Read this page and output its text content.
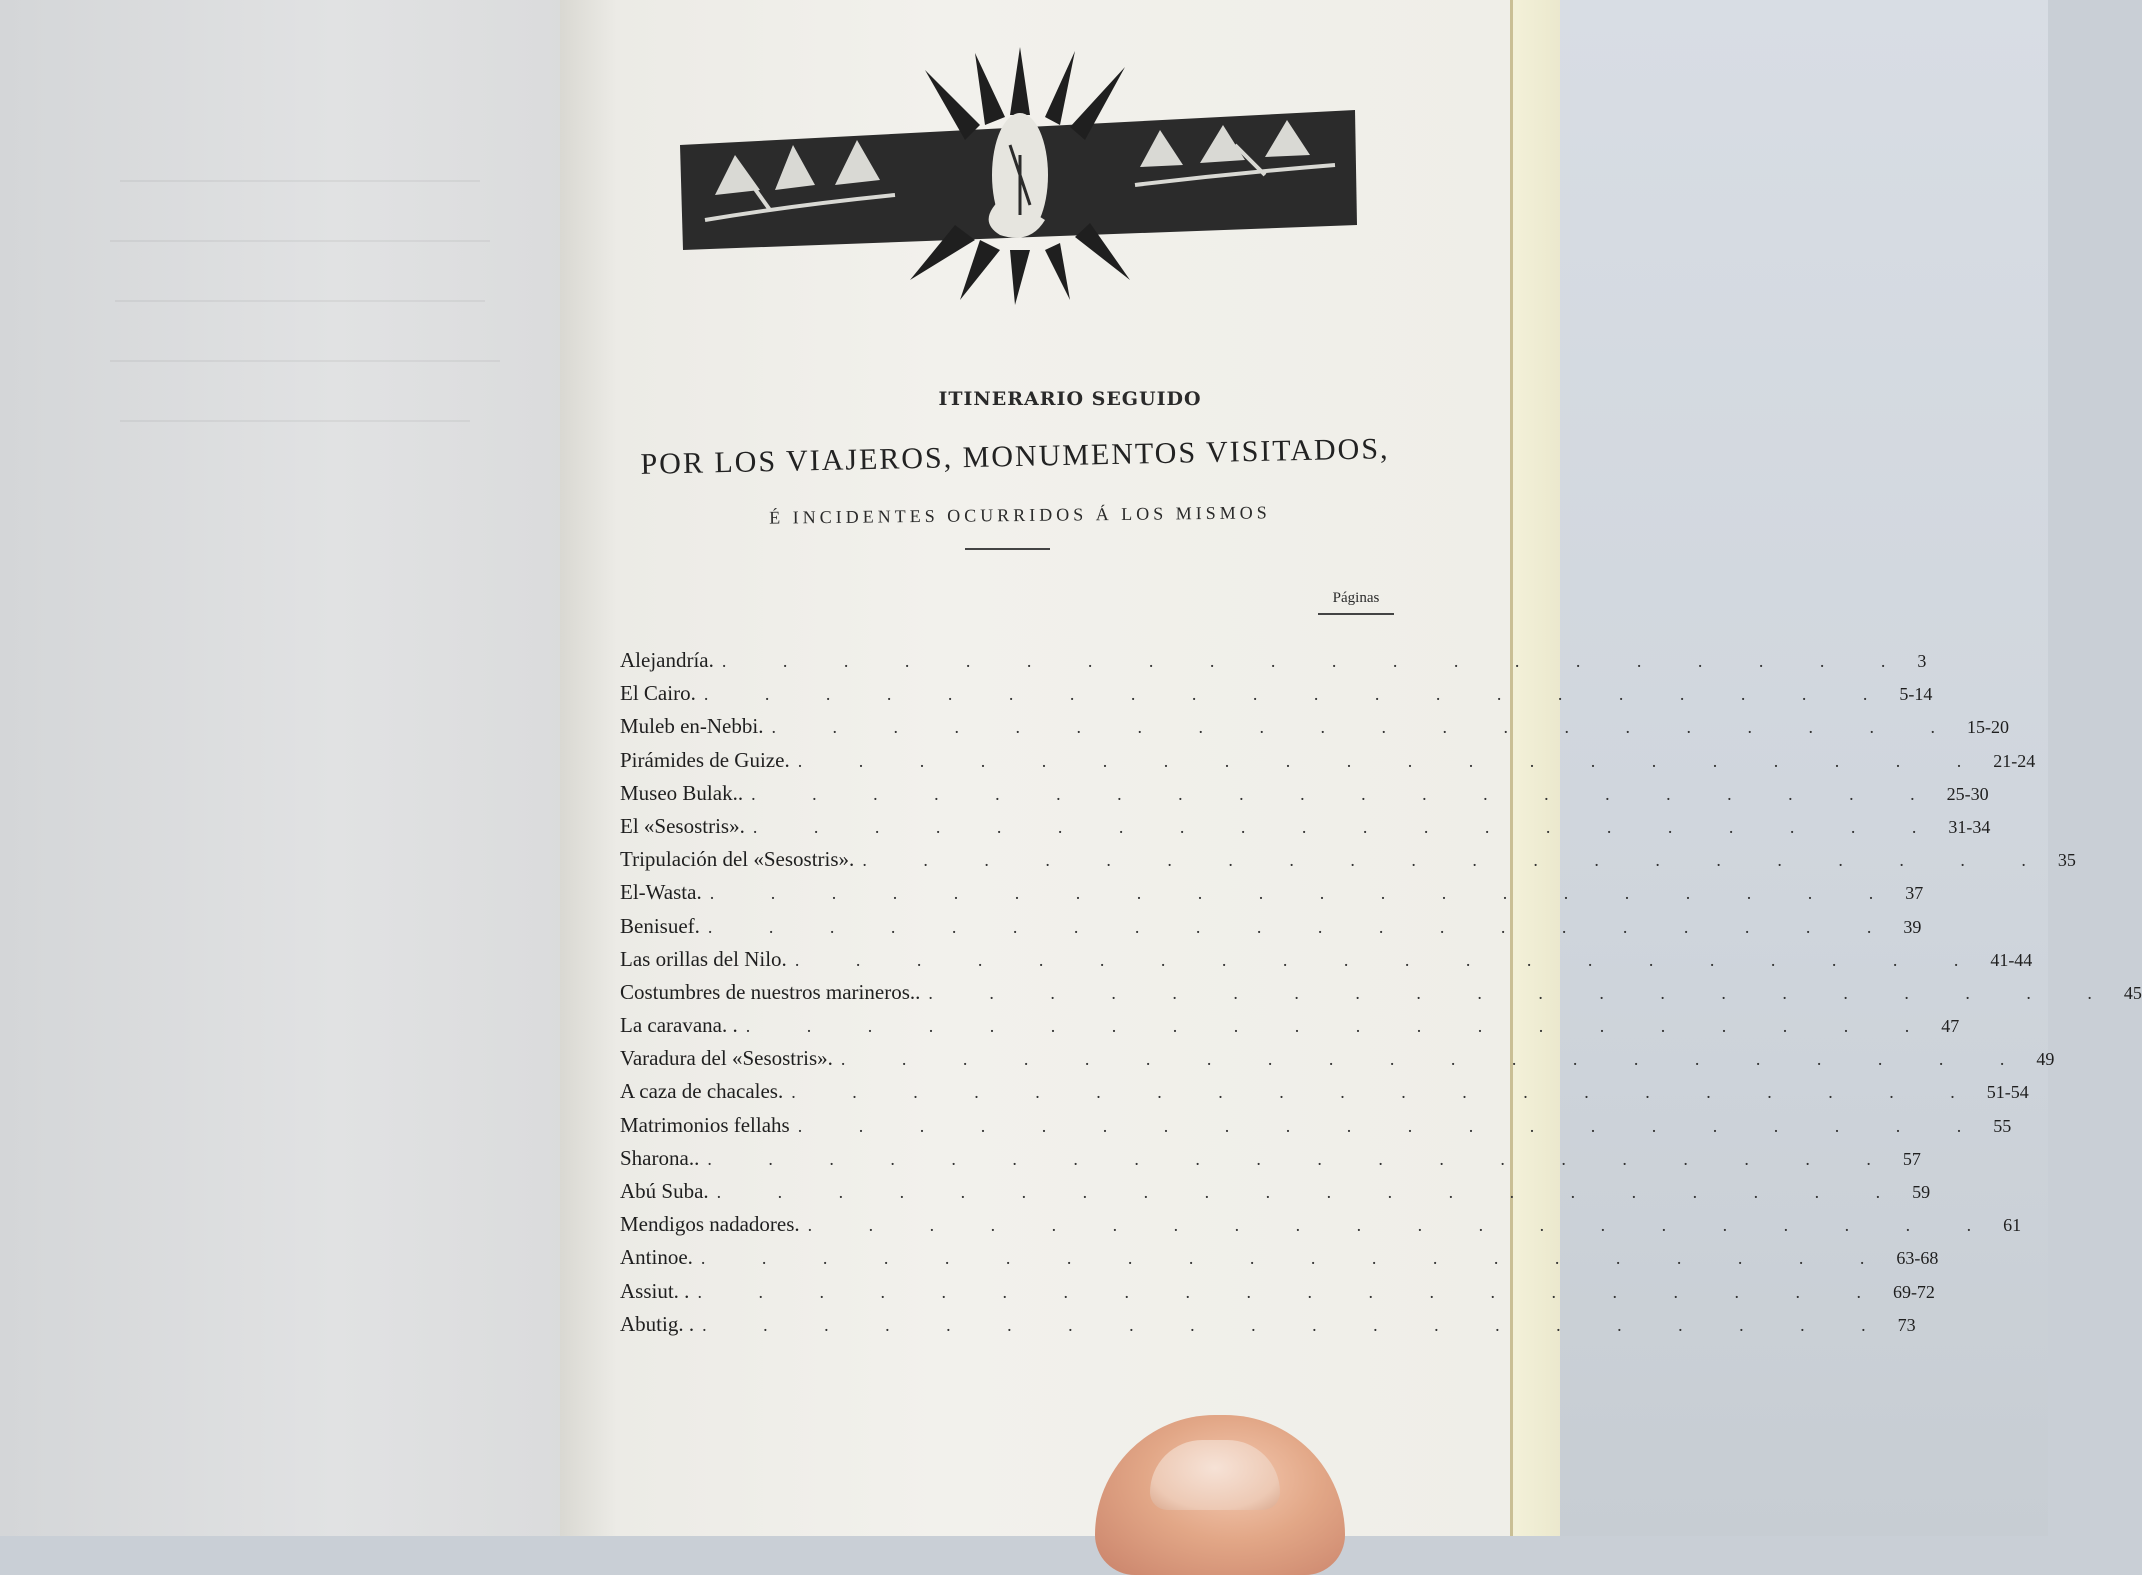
ITINERARIO SEGUIDO
POR LOS VIAJEROS, MONUMENTOS VISITADOS,
É INCIDENTES OCURRIDOS Á LOS MISMOS
Páginas
Alejandría. . . . . . . . . . . . . . . . . . . . . 3
El Cairo. . . . . . . . . . . . . . . . . . . . . 5-14
Muleb en-Nebbi. . . . . . . . . . . . . . . . . . . . . 15-20
Pirámides de Guize. . . . . . . . . . . . . . . . . . . . . 21-24
Museo Bulak.. . . . . . . . . . . . . . . . . . . . . 25-30
El «Sesostris». . . . . . . . . . . . . . . . . . . . . 31-34
Tripulación del «Sesostris». . . . . . . . . . . . . . . . . . . . . 35
El-Wasta. . . . . . . . . . . . . . . . . . . . . 37
Benisuef. . . . . . . . . . . . . . . . . . . . . 39
Las orillas del Nilo. . . . . . . . . . . . . . . . . . . . . 41-44
Costumbres de nuestros marineros.. . . . . . . . . . . . . . . . . . . . . 45
La caravana. . . . . . . . . . . . . . . . . . . . . . 47
Varadura del «Sesostris». . . . . . . . . . . . . . . . . . . . . 49
A caza de chacales. . . . . . . . . . . . . . . . . . . . . 51-54
Matrimonios fellahs . . . . . . . . . . . . . . . . . . . . 55
Sharona.. . . . . . . . . . . . . . . . . . . . . 57
Abú Suba. . . . . . . . . . . . . . . . . . . . . 59
Mendigos nadadores. . . . . . . . . . . . . . . . . . . . . 61
Antinoe. . . . . . . . . . . . . . . . . . . . . 63-68
Assiut. . . . . . . . . . . . . . . . . . . . . . 69-72
Abutig. . . . . . . . . . . . . . . . . . . . . . 73
